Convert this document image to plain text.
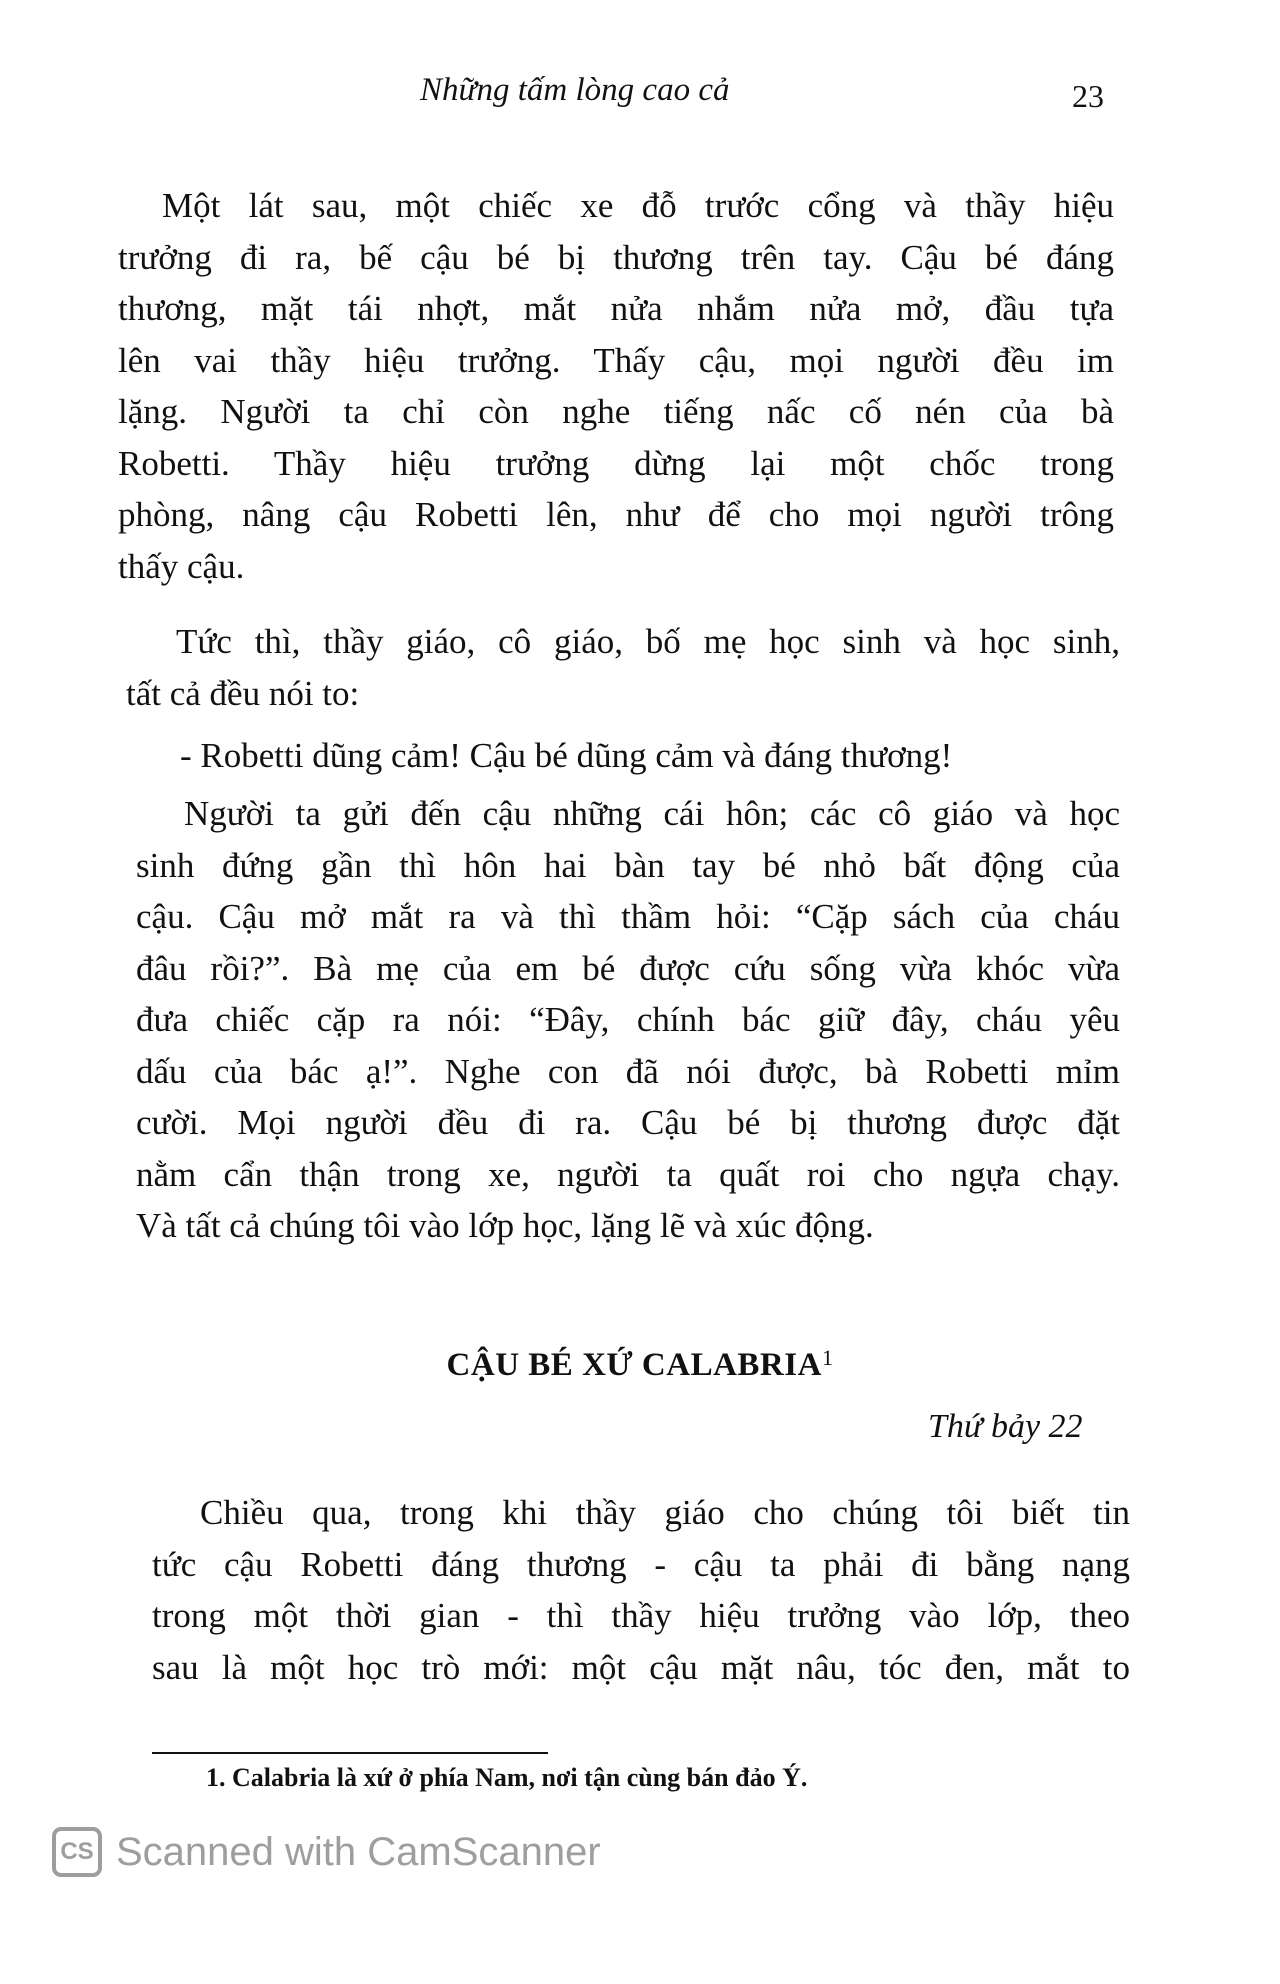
Những tấm lòng cao cả	23
Một lát sau, một chiếc xe đỗ trước cổng và thầy hiệu
trưởng đi ra, bế cậu bé bị thương trên tay. Cậu bé đáng
thương, mặt tái nhợt, mắt nửa nhắm nửa mở, đầu tựa
lên vai thầy hiệu trưởng. Thấy cậu, mọi người đều im
lặng. Người ta chỉ còn nghe tiếng nấc cố nén của bà
Robetti. Thầy hiệu trưởng dừng lại một chốc trong
phòng, nâng cậu Robetti lên, như để cho mọi người trông
thấy cậu.
Tức thì, thầy giáo, cô giáo, bố mẹ học sinh và học sinh,
tất cả đều nói to:
- Robetti dũng cảm! Cậu bé dũng cảm và đáng thương!
Người ta gửi đến cậu những cái hôn; các cô giáo và học
sinh đứng gần thì hôn hai bàn tay bé nhỏ bất động của
cậu. Cậu mở mắt ra và thì thầm hỏi: “Cặp sách của cháu
đâu rồi?”. Bà mẹ của em bé được cứu sống vừa khóc vừa
đưa chiếc cặp ra nói: “Đây, chính bác giữ đây, cháu yêu
dấu của bác ạ!”. Nghe con đã nói được, bà Robetti mỉm
cười. Mọi người đều đi ra. Cậu bé bị thương được đặt
nằm cẩn thận trong xe, người ta quất roi cho ngựa chạy.
Và tất cả chúng tôi vào lớp học, lặng lẽ và xúc động.
CẬU BÉ XỨ CALABRIA$^1$
Thứ bảy 22
Chiều qua, trong khi thầy giáo cho chúng tôi biết tin
tức cậu Robetti đáng thương - cậu ta phải đi bằng nạng
trong một thời gian - thì thầy hiệu trưởng vào lớp, theo
sau là một học trò mới: một cậu mặt nâu, tóc đen, mắt to
1. Calabria là xứ ở phía Nam, nơi tận cùng bán đảo Ý.
CS Scanned with CamScanner
